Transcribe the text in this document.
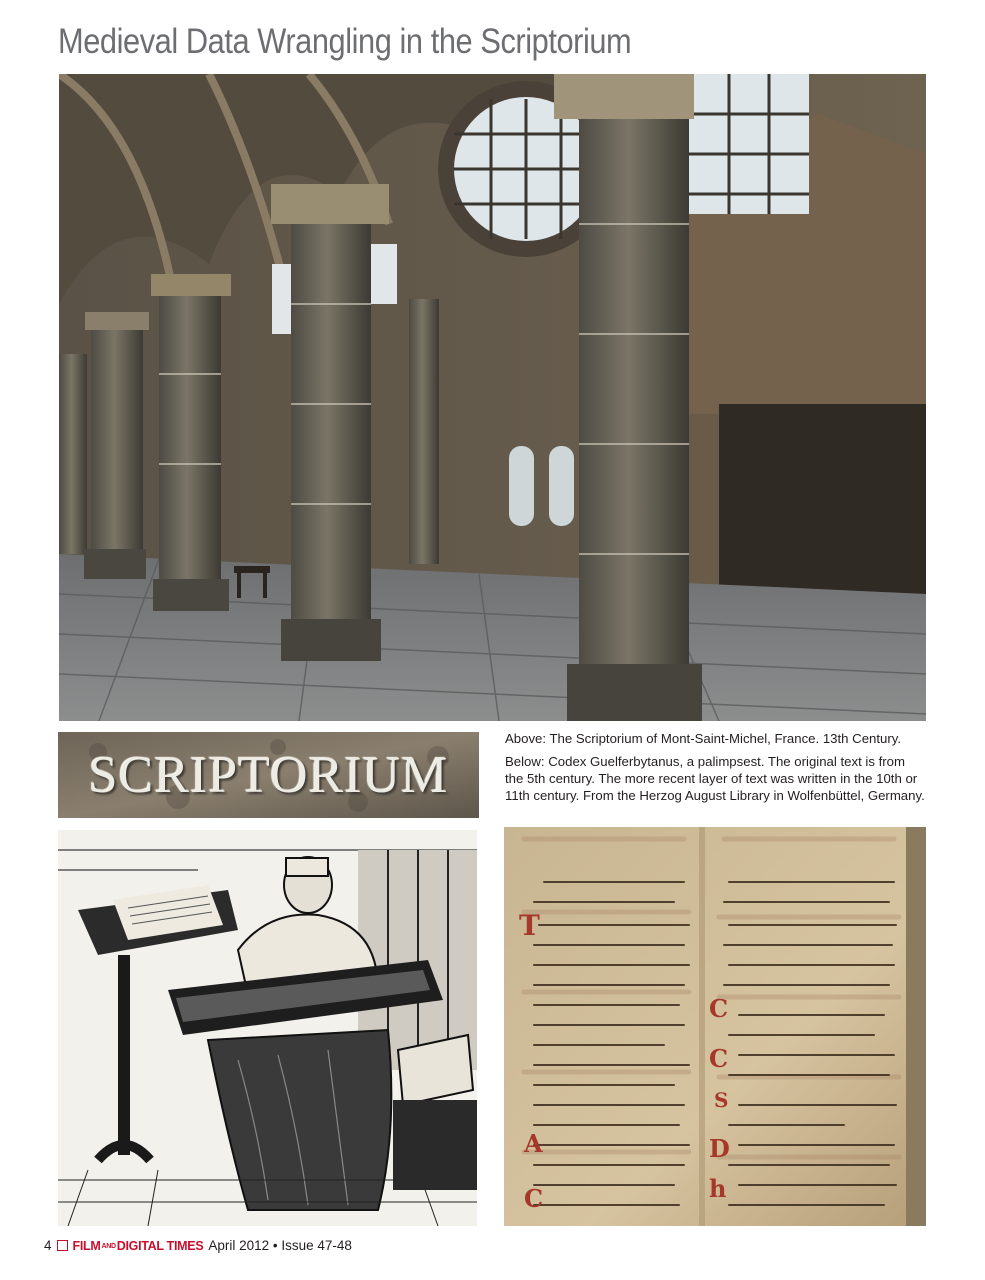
Medieval Data Wrangling in the Scriptorium
SCRIPTORIUM

Above: The Scriptorium of Mont-Saint-Michel, France. 13th Century.

Below: Codex Guelferbytanus, a palimpsest. The original text is from the 5th century. The more recent layer of text was written in the 10th or 11th century. From the Herzog August Library in Wolfenbüttel, Germany.

T
A
C
C
C
S
D
h
4 FILMANDDIGITAL TIMES April 2012 • Issue 47-48
